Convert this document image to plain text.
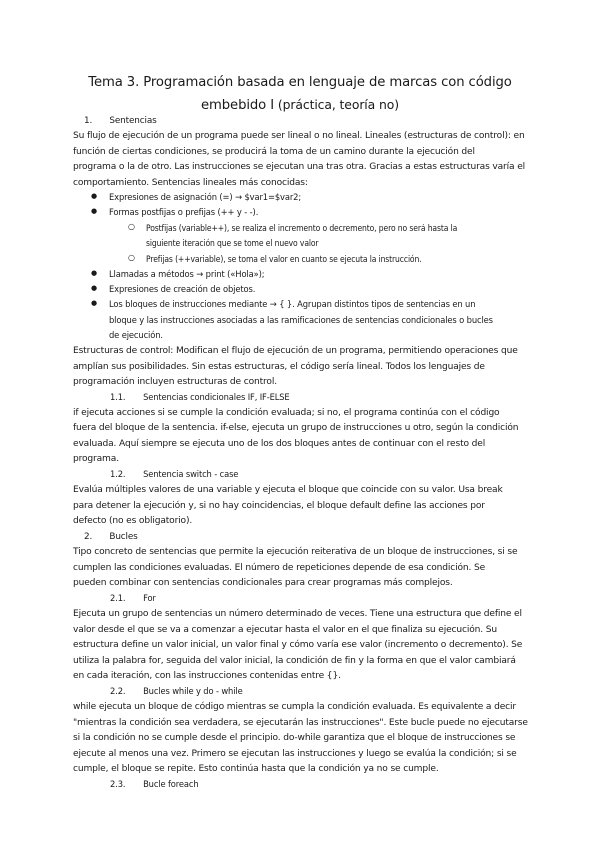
Tema 3. Programación basada en lenguaje de marcas con código
embebido I (práctica, teoría no)
1. Sentencias
Su flujo de ejecución de un programa puede ser lineal o no lineal. Lineales (estructuras de control): en
función de ciertas condiciones, se producirá la toma de un camino durante la ejecución del
programa o la de otro. Las instrucciones se ejecutan una tras otra. Gracias a estas estructuras varía el
comportamiento. Sentencias lineales más conocidas:
● Expresiones de asignación (=) → $var1=$var2;
● Formas postfijas o prefijas (++ y - -).
○ Postfijas (variable++), se realiza el incremento o decremento, pero no será hasta la
siguiente iteración que se tome el nuevo valor
○ Prefijas (++variable), se toma el valor en cuanto se ejecuta la instrucción.
● Llamadas a métodos → print («Hola»);
● Expresiones de creación de objetos.
● Los bloques de instrucciones mediante → { }. Agrupan distintos tipos de sentencias en un
bloque y las instrucciones asociadas a las ramificaciones de sentencias condicionales o bucles
de ejecución.
Estructuras de control: Modifican el flujo de ejecución de un programa, permitiendo operaciones que
amplían sus posibilidades. Sin estas estructuras, el código sería lineal. Todos los lenguajes de
programación incluyen estructuras de control.
1.1. Sentencias condicionales IF, IF-ELSE
if ejecuta acciones si se cumple la condición evaluada; si no, el programa continúa con el código
fuera del bloque de la sentencia. if-else, ejecuta un grupo de instrucciones u otro, según la condición
evaluada. Aquí siempre se ejecuta uno de los dos bloques antes de continuar con el resto del
programa.
1.2. Sentencia switch - case
Evalúa múltiples valores de una variable y ejecuta el bloque que coincide con su valor. Usa break
para detener la ejecución y, si no hay coincidencias, el bloque default define las acciones por
defecto (no es obligatorio).
2. Bucles
Tipo concreto de sentencias que permite la ejecución reiterativa de un bloque de instrucciones, si se
cumplen las condiciones evaluadas. El número de repeticiones depende de esa condición. Se
pueden combinar con sentencias condicionales para crear programas más complejos.
2.1. For
Ejecuta un grupo de sentencias un número determinado de veces. Tiene una estructura que define el
valor desde el que se va a comenzar a ejecutar hasta el valor en el que finaliza su ejecución. Su
estructura define un valor inicial, un valor final y cómo varía ese valor (incremento o decremento). Se
utiliza la palabra for, seguida del valor inicial, la condición de fin y la forma en que el valor cambiará
en cada iteración, con las instrucciones contenidas entre {}.
2.2. Bucles while y do - while
while ejecuta un bloque de código mientras se cumpla la condición evaluada. Es equivalente a decir
"mientras la condición sea verdadera, se ejecutarán las instrucciones". Este bucle puede no ejecutarse
si la condición no se cumple desde el principio. do-while garantiza que el bloque de instrucciones se
ejecute al menos una vez. Primero se ejecutan las instrucciones y luego se evalúa la condición; si se
cumple, el bloque se repite. Esto continúa hasta que la condición ya no se cumple.
2.3. Bucle foreach
